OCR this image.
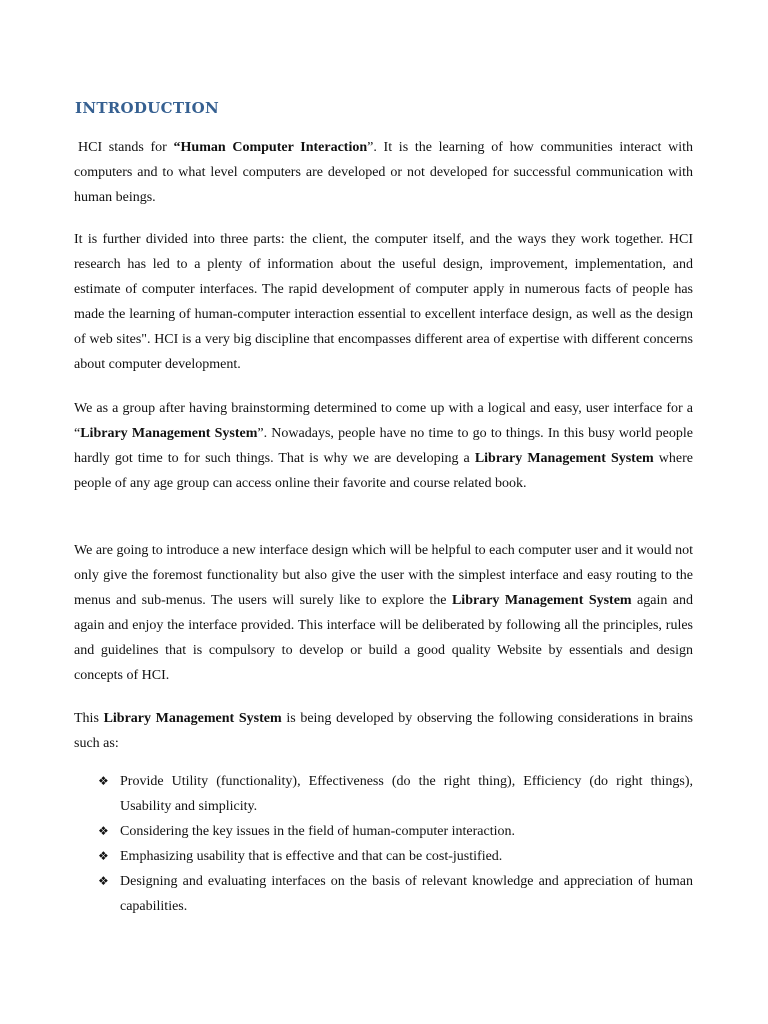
INTRODUCTION

HCI stands for “Human Computer Interaction”. It is the learning of how communities interact with computers and to what level computers are developed or not developed for successful communication with human beings.

It is further divided into three parts: the client, the computer itself, and the ways they work together. HCI research has led to a plenty of information about the useful design, improvement, implementation, and estimate of computer interfaces. The rapid development of computer apply in numerous facts of people has made the learning of human-computer interaction essential to excellent interface design, as well as the design of web sites". HCI is a very big discipline that encompasses different area of expertise with different concerns about computer development.

We as a group after having brainstorming determined to come up with a logical and easy, user interface for a “Library Management System”. Nowadays, people have no time to go to things. In this busy world people hardly got time to for such things. That is why we are developing a Library Management System where people of any age group can access online their favorite and course related book.

We are going to introduce a new interface design which will be helpful to each computer user and it would not only give the foremost functionality but also give the user with the simplest interface and easy routing to the menus and sub-menus. The users will surely like to explore the Library Management System again and again and enjoy the interface provided. This interface will be deliberated by following all the principles, rules and guidelines that is compulsory to develop or build a good quality Website by essentials and design concepts of HCI.

This Library Management System is being developed by observing the following considerations in brains such as:

❖ Provide Utility (functionality), Effectiveness (do the right thing), Efficiency (do right things), Usability and simplicity.
❖ Considering the key issues in the field of human-computer interaction.
❖ Emphasizing usability that is effective and that can be cost-justified.
❖ Designing and evaluating interfaces on the basis of relevant knowledge and appreciation of human capabilities.
